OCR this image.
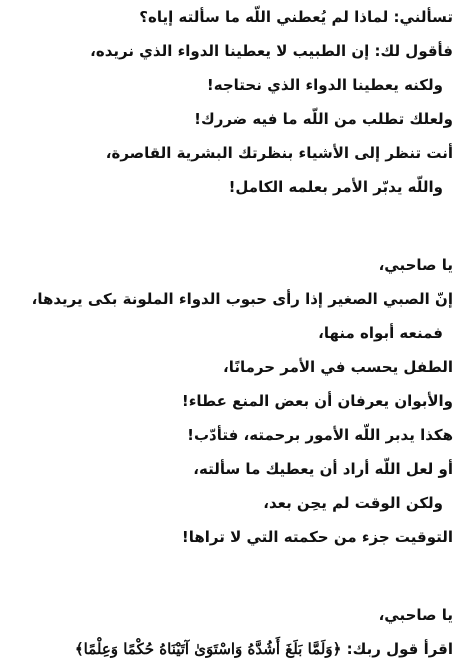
تسألني: لماذا لم يُعطني اللّه ما سألته إياه؟
فأقول لك: إن الطبيب لا يعطينا الدواء الذي نريده،
ولكنه يعطينا الدواء الذي نحتاجه!
ولعلك تطلب من اللّه ما فيه ضررك!
أنت تنظر إلى الأشياء بنظرتك البشرية القاصرة،
واللّه يدبّر الأمر بعلمه الكامل!
يا صاحبي،
إنّ الصبي الصغير إذا رأى حبوب الدواء الملونة بكى يريدها،
فمنعه أبواه منها،
الطفل يحسب في الأمر حرمانًا،
والأبوان يعرفان أن بعض المنع عطاء!
هكذا يدبر اللّه الأمور برحمته، فتأدّب!
أو لعل اللّه أراد أن يعطيك ما سألته،
ولكن الوقت لم يحِن بعد،
التوقيت جزء من حكمته التي لا تراها!
يا صاحبي،
اقرأ قول ربك: ﴿وَلَمَّا بَلَغَ أَشُدَّهُ وَاسْتَوَىٰ آتَيْنَاهُ حُكْمًا وَعِلْمًا﴾
